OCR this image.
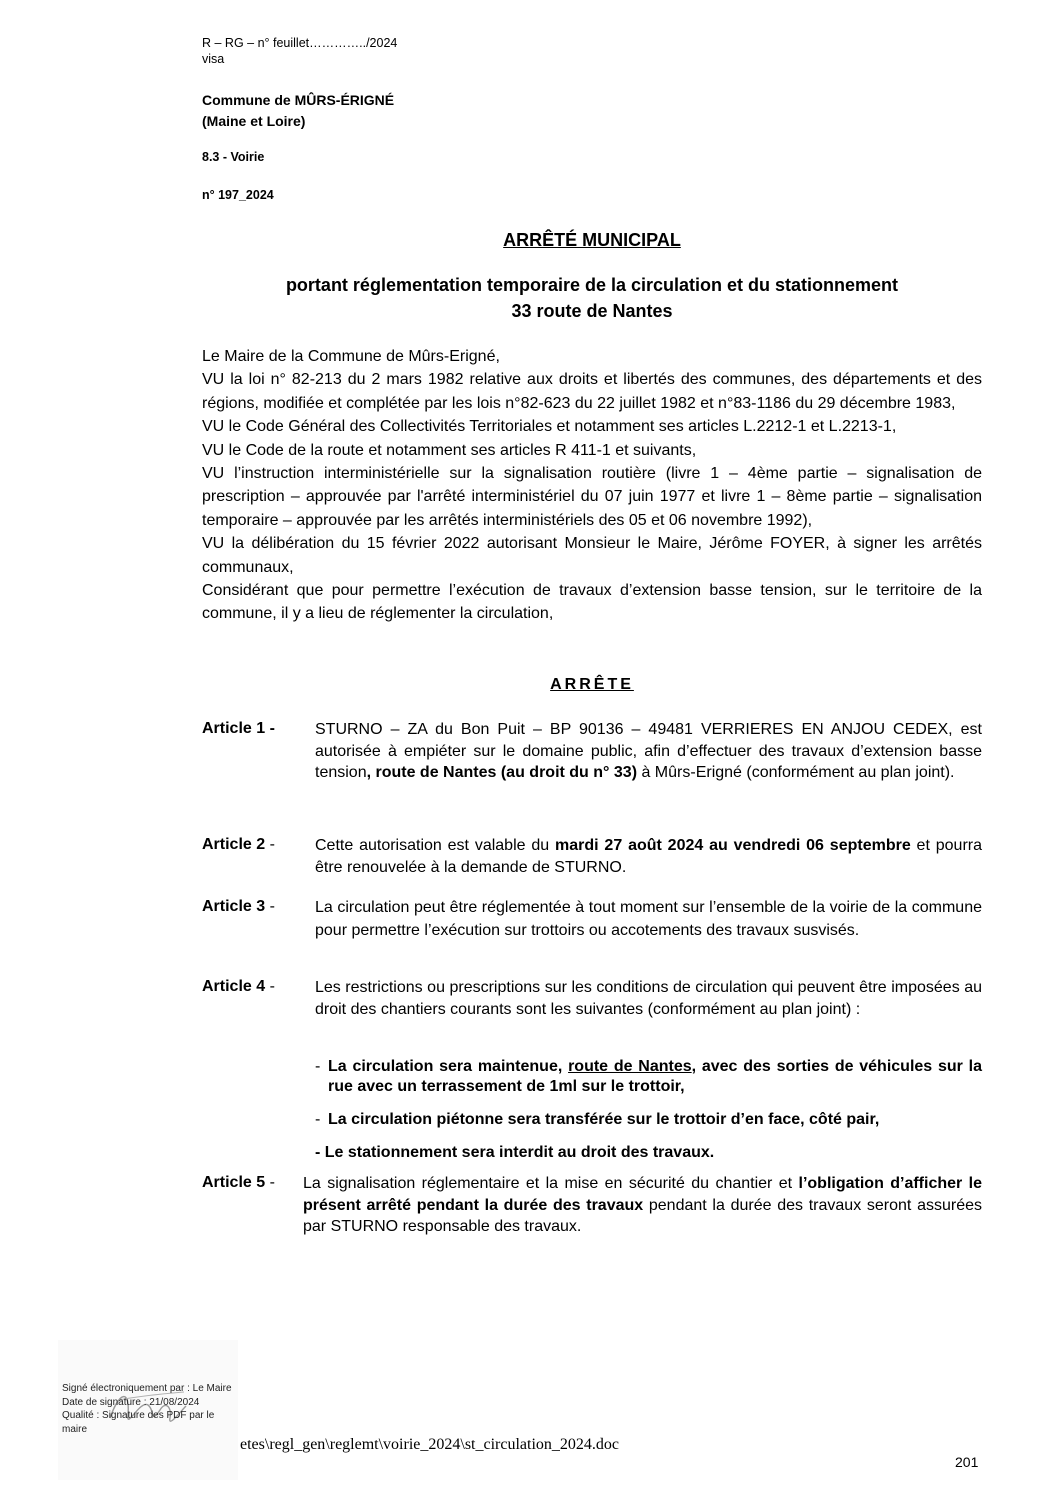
R – RG – n° feuillet…………../2024
visa
Commune de MÛRS-ÉRIGNÉ
(Maine et Loire)
8.3 - Voirie
n° 197_2024
ARRÊTÉ MUNICIPAL
portant réglementation temporaire de la circulation et du stationnement
33 route de Nantes

Le Maire de la Commune de Mûrs-Erigné,

VU la loi n° 82-213 du 2 mars 1982 relative aux droits et libertés des communes, des départements et des régions, modifiée et complétée par les lois n°82-623 du 22 juillet 1982 et n°83-1186 du 29 décembre 1983,

VU le Code Général des Collectivités Territoriales et notamment ses articles L.2212-1 et L.2213-1,

VU le Code de la route et notamment ses articles R 411-1 et suivants,

VU l’instruction interministérielle sur la signalisation routière (livre 1 – 4ème partie – signalisation de prescription – approuvée par l'arrêté interministériel du 07 juin 1977 et livre 1 – 8ème partie – signalisation temporaire – approuvée par les arrêtés interministériels des 05 et 06 novembre 1992),

VU la délibération du 15 février 2022 autorisant Monsieur le Maire, Jérôme FOYER, à signer les arrêtés communaux,

Considérant que pour permettre l’exécution de travaux d’extension basse tension, sur le territoire de la commune, il y a lieu de réglementer la circulation,

ARRÊTE
Article 1 -	STURNO – ZA du Bon Puit – BP 90136 – 49481 VERRIERES EN ANJOU CEDEX, est autorisée à empiéter sur le domaine public, afin d’effectuer des travaux d’extension basse tension, route de Nantes (au droit du n° 33) à Mûrs-Erigné (conformément au plan joint).

Article 2 -	Cette autorisation est valable du mardi 27 août 2024 au vendredi 06 septembre et pourra être renouvelée à la demande de STURNO.

Article 3 -	La circulation peut être réglementée à tout moment sur l’ensemble de la voirie de la commune pour permettre l’exécution sur trottoirs ou accotements des travaux susvisés.

Article 4 -	Les restrictions ou prescriptions sur les conditions de circulation qui peuvent être imposées au droit des chantiers courants sont les suivantes (conformément au plan joint) :

- La circulation sera maintenue, route de Nantes, avec des sorties de véhicules sur la rue avec un terrassement de 1ml sur le trottoir,
- La circulation piétonne sera transférée sur le trottoir d’en face, côté pair,
- Le stationnement sera interdit au droit des travaux.
Article 5 - La signalisation réglementaire et la mise en sécurité du chantier et l’obligation d’afficher le présent arrêté pendant la durée des travaux pendant la durée des travaux seront assurées par STURNO responsable des travaux.

Signé électroniquement par : Le Maire
Date de signature : 21/08/2024
Qualité : Signature des PDF par le maire
etes\regl_gen\reglemt\voirie_2024\st_circulation_2024.doc
201
